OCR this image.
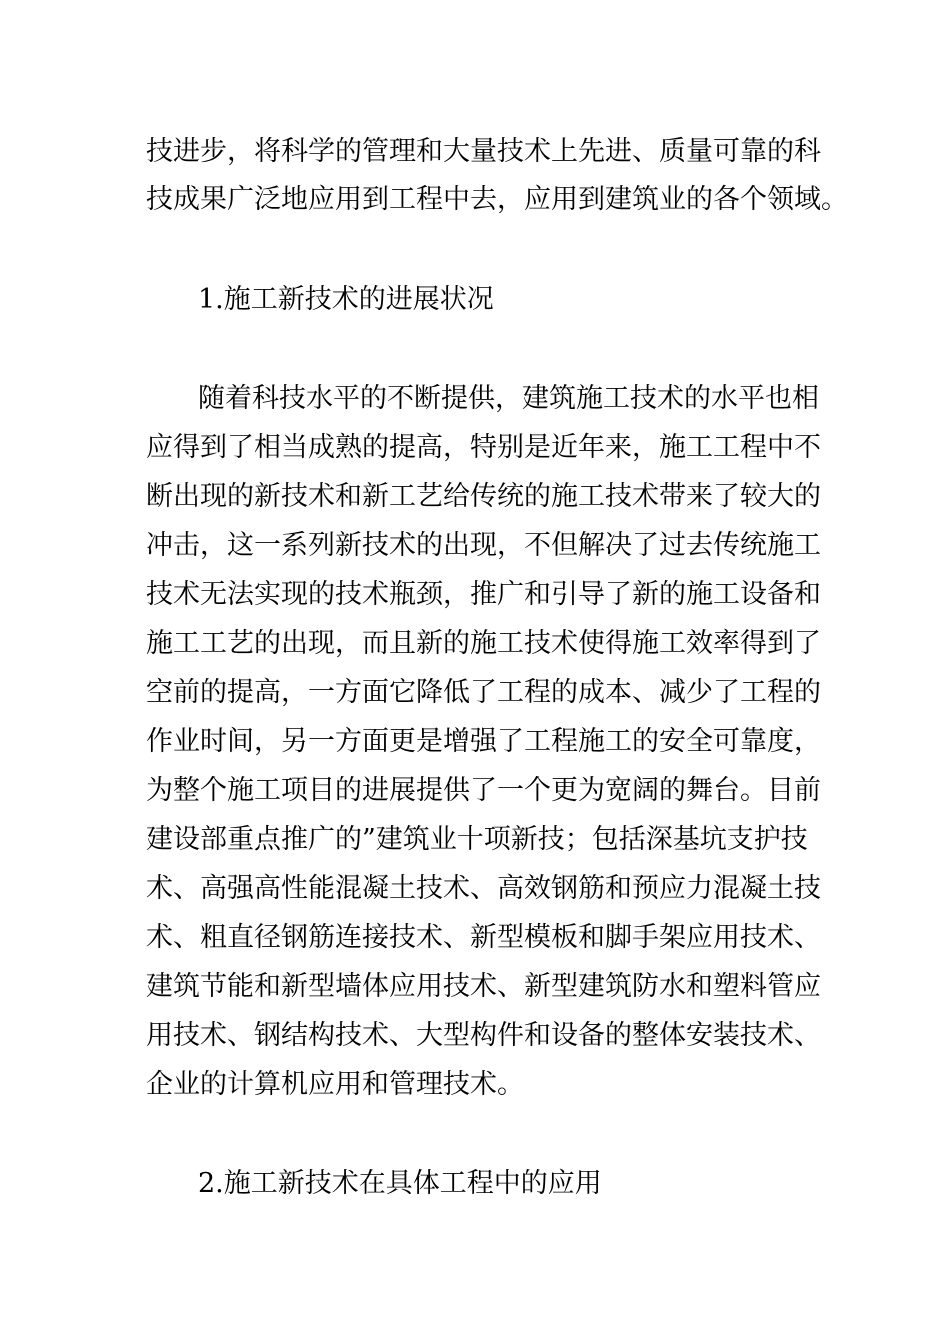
技进步，将科学的管理和大量技术上先进、质量可靠的科

技成果广泛地应用到工程中去，应用到建筑业的各个领域。

1.施工新技术的进展状况

随着科技水平的不断提供，建筑施工技术的水平也相

应得到了相当成熟的提高，特别是近年来，施工工程中不

断出现的新技术和新工艺给传统的施工技术带来了较大的

冲击，这一系列新技术的出现，不但解决了过去传统施工

技术无法实现的技术瓶颈，推广和引导了新的施工设备和

施工工艺的出现，而且新的施工技术使得施工效率得到了

空前的提高，一方面它降低了工程的成本、减少了工程的

作业时间，另一方面更是增强了工程施工的安全可靠度，

为整个施工项目的进展提供了一个更为宽阔的舞台。目前

建设部重点推广的”建筑业十项新技；包括深基坑支护技

术、高强高性能混凝土技术、高效钢筋和预应力混凝土技

术、粗直径钢筋连接技术、新型模板和脚手架应用技术、

建筑节能和新型墙体应用技术、新型建筑防水和塑料管应

用技术、钢结构技术、大型构件和设备的整体安装技术、

企业的计算机应用和管理技术。

2.施工新技术在具体工程中的应用
